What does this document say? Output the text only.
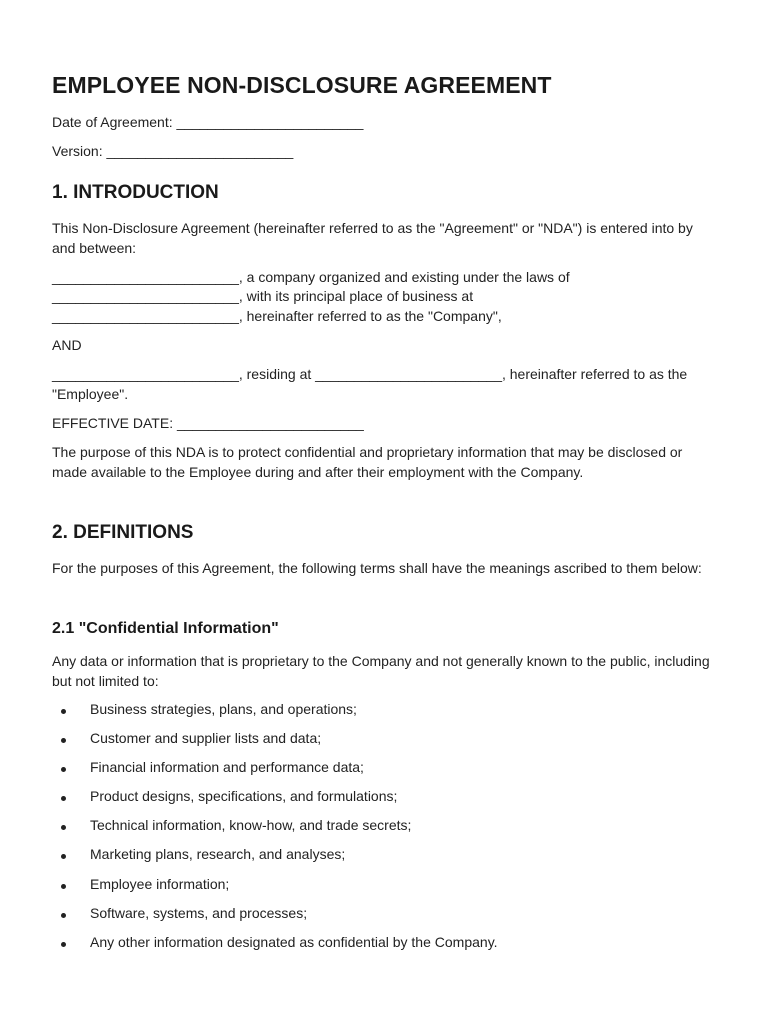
EMPLOYEE NON-DISCLOSURE AGREEMENT
Date of Agreement: ________________________
Version: ________________________
1. INTRODUCTION
This Non-Disclosure Agreement (hereinafter referred to as the "Agreement" or "NDA") is entered into by and between:
________________________, a company organized and existing under the laws of
________________________, with its principal place of business at
________________________, hereinafter referred to as the "Company",
AND
________________________, residing at ________________________, hereinafter referred to as the "Employee".
EFFECTIVE DATE: ________________________
The purpose of this NDA is to protect confidential and proprietary information that may be disclosed or made available to the Employee during and after their employment with the Company.
2. DEFINITIONS
For the purposes of this Agreement, the following terms shall have the meanings ascribed to them below:
2.1 "Confidential Information"
Any data or information that is proprietary to the Company and not generally known to the public, including but not limited to:
Business strategies, plans, and operations;
Customer and supplier lists and data;
Financial information and performance data;
Product designs, specifications, and formulations;
Technical information, know-how, and trade secrets;
Marketing plans, research, and analyses;
Employee information;
Software, systems, and processes;
Any other information designated as confidential by the Company.
